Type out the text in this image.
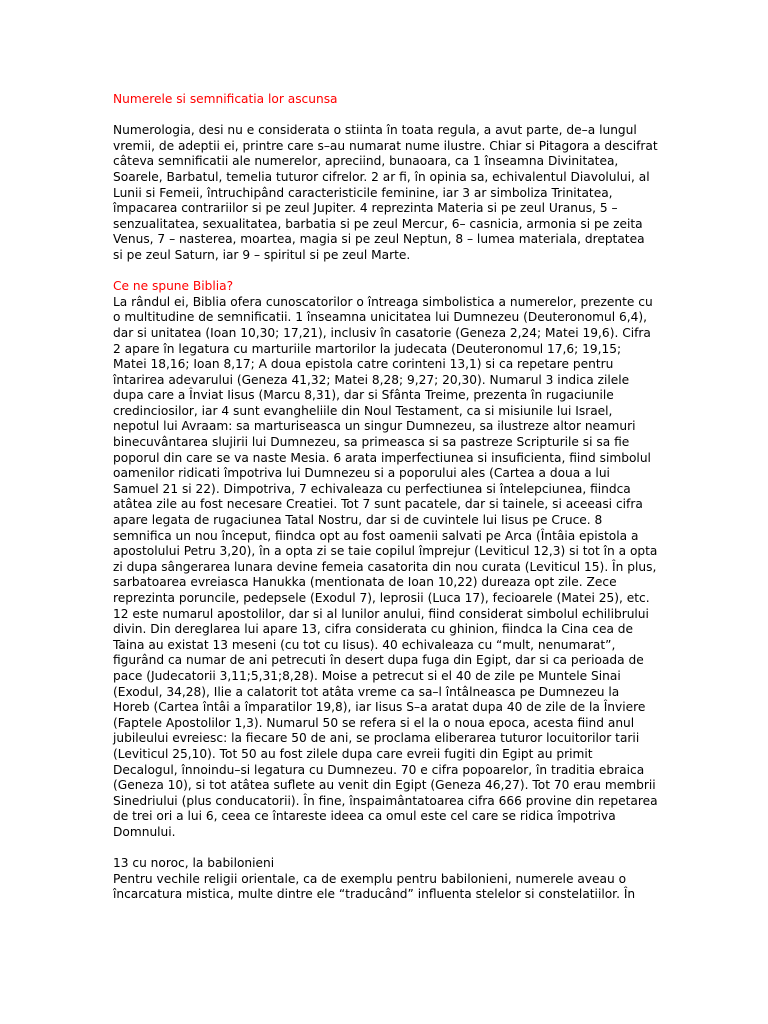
Numerele si semnificatia lor ascunsa

Numerologia, desi nu e considerata o stiinta în toata regula, a avut parte, de–a lungul vremii, de adeptii ei, printre care s–au numarat nume ilustre. Chiar si Pitagora a descifrat câteva semnificatii ale numerelor, apreciind, bunaoara, ca 1 înseamna Divinitatea, Soarele, Barbatul, temelia tuturor cifrelor. 2 ar fi, în opinia sa, echivalentul Diavolului, al Lunii si Femeii, întruchipând caracteristicile feminine, iar 3 ar simboliza Trinitatea, împacarea contrariilor si pe zeul Jupiter. 4 reprezinta Materia si pe zeul Uranus, 5 – senzualitatea, sexualitatea, barbatia si pe zeul Mercur, 6– casnicia, armonia si pe zeita Venus, 7 – nasterea, moartea, magia si pe zeul Neptun, 8 – lumea materiala, dreptatea si pe zeul Saturn, iar 9 – spiritul si pe zeul Marte.

Ce ne spune Biblia?

La rândul ei, Biblia ofera cunoscatorilor o întreaga simbolistica a numerelor, prezente cu o multitudine de semnificatii. 1 înseamna unicitatea lui Dumnezeu (Deuteronomul 6,4), dar si unitatea (Ioan 10,30; 17,21), inclusiv în casatorie (Geneza 2,24; Matei 19,6). Cifra 2 apare în legatura cu marturiile martorilor la judecata (Deuteronomul 17,6; 19,15; Matei 18,16; Ioan 8,17; A doua epistola catre corinteni 13,1) si ca repetare pentru întarirea adevarului (Geneza 41,32; Matei 8,28; 9,27; 20,30). Numarul 3 indica zilele dupa care a Înviat Iisus (Marcu 8,31), dar si Sfânta Treime, prezenta în rugaciunile credinciosilor, iar 4 sunt evangheliile din Noul Testament, ca si misiunile lui Israel, nepotul lui Avraam: sa marturiseasca un singur Dumnezeu, sa ilustreze altor neamuri binecuvântarea slujirii lui Dumnezeu, sa primeasca si sa pastreze Scripturile si sa fie poporul din care se va naste Mesia. 6 arata imperfectiunea si insuficienta, fiind simbolul oamenilor ridicati împotriva lui Dumnezeu si a poporului ales (Cartea a doua a lui Samuel 21 si 22). Dimpotriva, 7 echivaleaza cu perfectiunea si întelepciunea, fiindca atâtea zile au fost necesare Creatiei. Tot 7 sunt pacatele, dar si tainele, si aceeasi cifra apare legata de rugaciunea Tatal Nostru, dar si de cuvintele lui Iisus pe Cruce. 8 semnifica un nou început, fiindca opt au fost oamenii salvati pe Arca (Întâia epistola a apostolului Petru 3,20), în a opta zi se taie copilul împrejur (Leviticul 12,3) si tot în a opta zi dupa sângerarea lunara devine femeia casatorita din nou curata (Leviticul 15). În plus, sarbatoarea evreiasca Hanukka (mentionata de Ioan 10,22) dureaza opt zile. Zece reprezinta poruncile, pedepsele (Exodul 7), leprosii (Luca 17), fecioarele (Matei 25), etc. 12 este numarul apostolilor, dar si al lunilor anului, fiind considerat simbolul echilibrului divin. Din dereglarea lui apare 13, cifra considerata cu ghinion, fiindca la Cina cea de Taina au existat 13 meseni (cu tot cu Iisus). 40 echivaleaza cu “mult, nenumarat”, figurând ca numar de ani petrecuti în desert dupa fuga din Egipt, dar si ca perioada de pace (Judecatorii 3,11;5,31;8,28). Moise a petrecut si el 40 de zile pe Muntele Sinai (Exodul, 34,28), Ilie a calatorit tot atâta vreme ca sa–l întâlneasca pe Dumnezeu la Horeb (Cartea întâi a împaratilor 19,8), iar Iisus S–a aratat dupa 40 de zile de la Înviere (Faptele Apostolilor 1,3). Numarul 50 se refera si el la o noua epoca, acesta fiind anul jubileului evreiesc: la fiecare 50 de ani, se proclama eliberarea tuturor locuitorilor tarii (Leviticul 25,10). Tot 50 au fost zilele dupa care evreii fugiti din Egipt au primit Decalogul, înnoindu–si legatura cu Dumnezeu. 70 e cifra popoarelor, în traditia ebraica (Geneza 10), si tot atâtea suflete au venit din Egipt (Geneza 46,27). Tot 70 erau membrii Sinedriului (plus conducatorii). În fine, înspaimântatoarea cifra 666 provine din repetarea de trei ori a lui 6, ceea ce întareste ideea ca omul este cel care se ridica împotriva Domnului.

13 cu noroc, la babilonieni

Pentru vechile religii orientale, ca de exemplu pentru babilonieni, numerele aveau o încarcatura mistica, multe dintre ele “traducând” influenta stelelor si constelatiilor. În
